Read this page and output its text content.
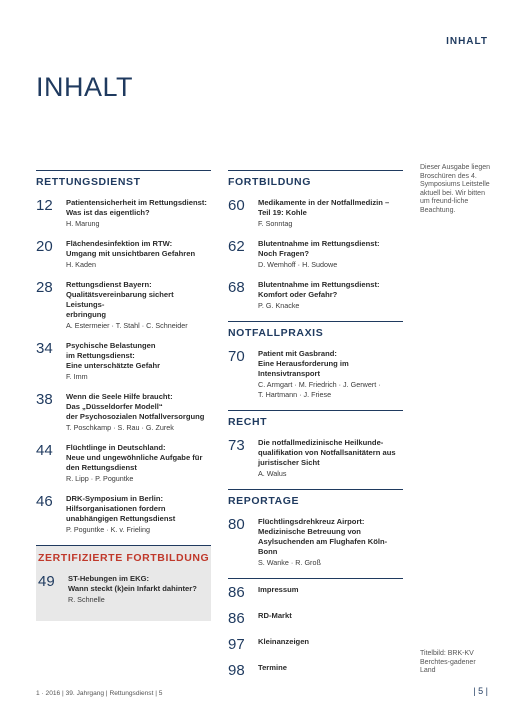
INHALT
INHALT
RETTUNGSDIENST
12	Patientensicherheit im Rettungsdienst:
Was ist das eigentlich?
H. Marung
20	Flächendesinfektion im RTW:
Umgang mit unsichtbaren Gefahren
H. Kaden
28	Rettungsdienst Bayern:
Qualitätsvereinbarung sichert Leistungs-
erbringung
A. Estermeier · T. Stahl · C. Schneider
34	Psychische Belastungen
im Rettungsdienst:
Eine unterschätzte Gefahr
F. Imm
38	Wenn die Seele Hilfe braucht:
Das „Düsseldorfer Modell“
der Psychosozialen Notfallversorgung
T. Poschkamp · S. Rau · G. Zurek
44	Flüchtlinge in Deutschland:
Neue und ungewöhnliche Aufgabe für
den Rettungsdienst
R. Lipp · P. Poguntke
46	DRK-Symposium in Berlin:
Hilfsorganisationen fordern
unabhängigen Rettungsdienst
P. Poguntke · K. v. Frieling
ZERTIFIZIERTE FORTBILDUNG
49	ST-Hebungen im EKG:
Wann steckt (k)ein Infarkt dahinter?
R. Schnelle
FORTBILDUNG
60	Medikamente in der Notfallmedizin –
Teil 19: Kohle
F. Sonntag
62	Blutentnahme im Rettungsdienst:
Noch Fragen?
D. Wemhoff · H. Sudowe
68	Blutentnahme im Rettungsdienst:
Komfort oder Gefahr?
P. G. Knacke
NOTFALLPRAXIS
70	Patient mit Gasbrand:
Eine Herausforderung im
Intensivtransport
C. Armgart · M. Friedrich · J. Gerwert ·
T. Hartmann · J. Friese
RECHT
73	Die notfallmedizinische Heilkunde-
qualifikation von Notfallsanitätern aus
juristischer Sicht
A. Walus
REPORTAGE
80	Flüchtlingsdrehkreuz Airport:
Medizinische Betreuung von
Asylsuchenden am Flughafen Köln-
Bonn
S. Wanke · R. Groß
86	Impressum
86	RD-Markt
97	Kleinanzeigen
98	Termine
Dieser Ausgabe liegen Broschüren des 4. Symposiums Leitstelle aktuell bei. Wir bitten um freund-liche Beachtung.
Titelbild: BRK-KV Berchtes-gadener Land
1 · 2016 | 39. Jahrgang | Rettungsdienst | 5	| 5 |
